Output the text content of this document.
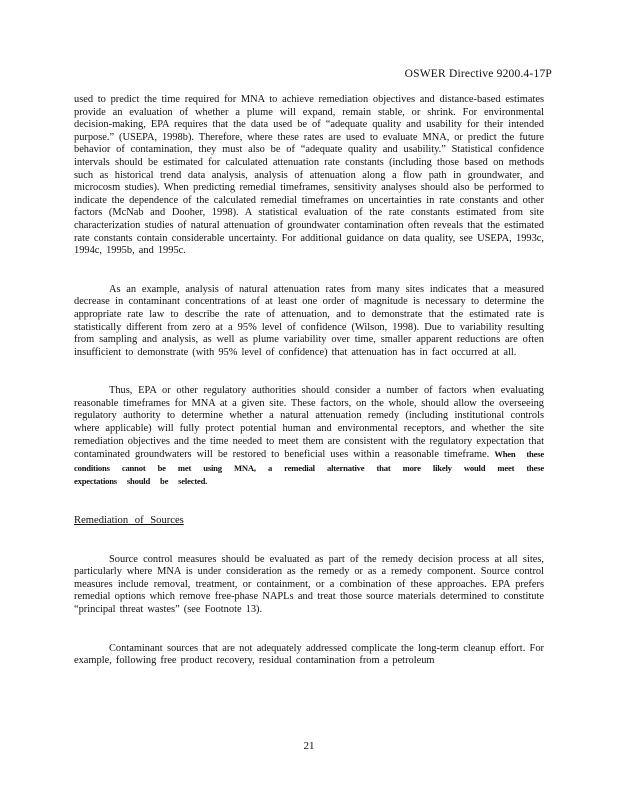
OSWER Directive 9200.4-17P

used to predict the time required for MNA to achieve remediation objectives and distance-based estimates provide an evaluation of whether a plume will expand, remain stable, or shrink. For environmental decision-making, EPA requires that the data used be of “adequate quality and usability for their intended purpose.” (USEPA, 1998b). Therefore, where these rates are used to evaluate MNA, or predict the future behavior of contamination, they must also be of “adequate quality and usability.” Statistical confidence intervals should be estimated for calculated attenuation rate constants (including those based on methods such as historical trend data analysis, analysis of attenuation along a flow path in groundwater, and microcosm studies). When predicting remedial timeframes, sensitivity analyses should also be performed to indicate the dependence of the calculated remedial timeframes on uncertainties in rate constants and other factors (McNab and Dooher, 1998). A statistical evaluation of the rate constants estimated from site characterization studies of natural attenuation of groundwater contamination often reveals that the estimated rate constants contain considerable uncertainty. For additional guidance on data quality, see USEPA, 1993c, 1994c, 1995b, and 1995c.

As an example, analysis of natural attenuation rates from many sites indicates that a measured decrease in contaminant concentrations of at least one order of magnitude is necessary to determine the appropriate rate law to describe the rate of attenuation, and to demonstrate that the estimated rate is statistically different from zero at a 95% level of confidence (Wilson, 1998). Due to variability resulting from sampling and analysis, as well as plume variability over time, smaller apparent reductions are often insufficient to demonstrate (with 95% level of confidence) that attenuation has in fact occurred at all.

Thus, EPA or other regulatory authorities should consider a number of factors when evaluating reasonable timeframes for MNA at a given site. These factors, on the whole, should allow the overseeing regulatory authority to determine whether a natural attenuation remedy (including institutional controls where applicable) will fully protect potential human and environmental receptors, and whether the site remediation objectives and the time needed to meet them are consistent with the regulatory expectation that contaminated groundwaters will be restored to beneficial uses within a reasonable timeframe. When these conditions cannot be met using MNA, a remedial alternative that more likely would meet these expectations should be selected.

Remediation of Sources

Source control measures should be evaluated as part of the remedy decision process at all sites, particularly where MNA is under consideration as the remedy or as a remedy component. Source control measures include removal, treatment, or containment, or a combination of these approaches. EPA prefers remedial options which remove free-phase NAPLs and treat those source materials determined to constitute “principal threat wastes” (see Footnote 13).

Contaminant sources that are not adequately addressed complicate the long-term cleanup effort. For example, following free product recovery, residual contamination from a petroleum

21
